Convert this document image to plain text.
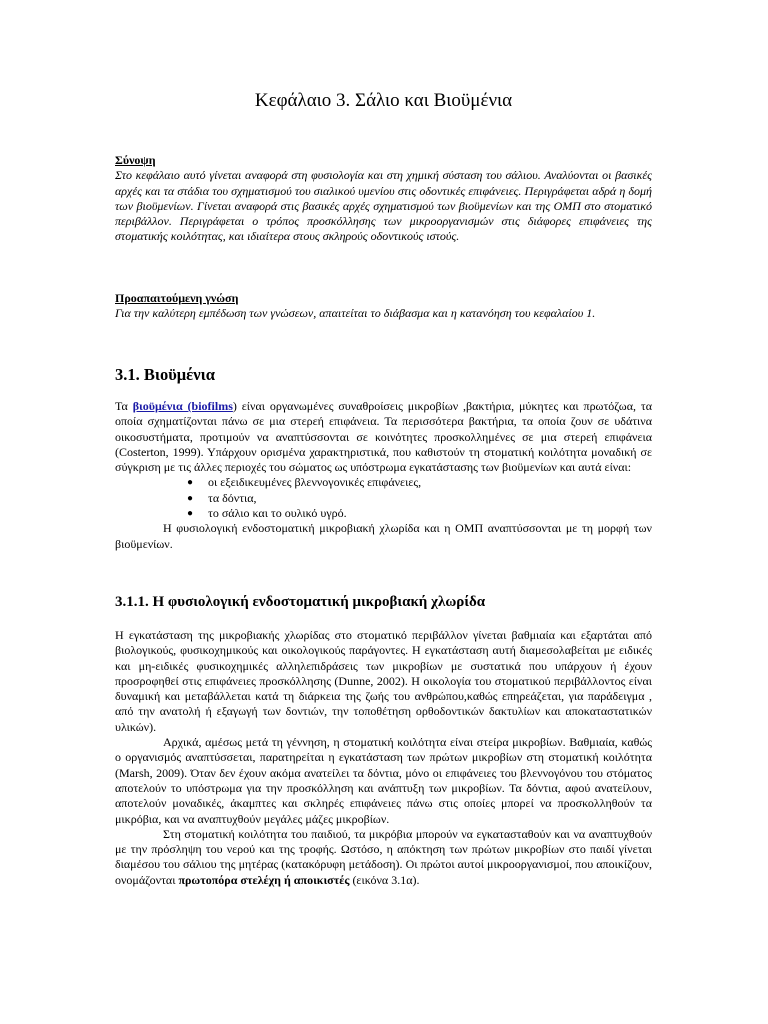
Κεφάλαιο 3. Σάλιο και Βιοϋμένια

Σύνοψη

Στο κεφάλαιο αυτό γίνεται αναφορά στη φυσιολογία και στη χημική σύσταση του σάλιου. Αναλύονται οι βασικές αρχές και τα στάδια του σχηματισμού του σιαλικού υμενίου στις οδοντικές επιφάνειες. Περιγράφεται αδρά η δομή των βιοϋμενίων. Γίνεται αναφορά στις βασικές αρχές σχηματισμού των βιοϋμενίων και της ΟΜΠ στο στοματικό περιβάλλον. Περιγράφεται ο τρόπος προσκόλλησης των μικροοργανισμών στις διάφορες επιφάνειες της στοματικής κοιλότητας, και ιδιαίτερα στους σκληρούς οδοντικούς ιστούς.

Προαπαιτούμενη γνώση

Για την καλύτερη εμπέδωση των γνώσεων, απαιτείται το διάβασμα και η κατανόηση του κεφαλαίου 1.

3.1. Βιοϋμένια

Τα βιοϋμένια (biofilms) είναι οργανωμένες συναθροίσεις μικροβίων ,βακτήρια, μύκητες και πρωτόζωα, τα οποία σχηματίζονται πάνω σε μια στερεή επιφάνεια. Τα περισσότερα βακτήρια, τα οποία ζουν σε υδάτινα οικοσυστήματα, προτιμούν να αναπτύσσονται σε κοινότητες προσκολλημένες σε μια στερεή επιφάνεια (Costerton, 1999). Υπάρχουν ορισμένα χαρακτηριστικά, που καθιστούν τη στοματική κοιλότητα μοναδική σε σύγκριση με τις άλλες περιοχές του σώματος ως υπόστρωμα εγκατάστασης των βιοϋμενίων και αυτά είναι:

● οι εξειδικευμένες βλεννογονικές επιφάνειες,
● τα δόντια,
● το σάλιο και το ουλικό υγρό.

Η φυσιολογική ενδοστοματική μικροβιακή χλωρίδα και η ΟΜΠ αναπτύσσονται με τη μορφή των βιοϋμενίων.

3.1.1. Η φυσιολογική ενδοστοματική μικροβιακή χλωρίδα

Η εγκατάσταση της μικροβιακής χλωρίδας στο στοματικό περιβάλλον γίνεται βαθμιαία και εξαρτάται από βιολογικούς, φυσικοχημικούς και οικολογικούς παράγοντες. Η εγκατάσταση αυτή διαμεσολαβείται με ειδικές και μη-ειδικές φυσικοχημικές αλληλεπιδράσεις των μικροβίων με συστατικά που υπάρχουν ή έχουν προσροφηθεί στις επιφάνειες προσκόλλησης (Dunne, 2002). Η οικολογία του στοματικού περιβάλλοντος είναι δυναμική και μεταβάλλεται κατά τη διάρκεια της ζωής του ανθρώπου,καθώς επηρεάζεται, για παράδειγμα , από την ανατολή ή εξαγωγή των δοντιών, την τοποθέτηση ορθοδοντικών δακτυλίων και αποκαταστατικών υλικών).

Αρχικά, αμέσως μετά τη γέννηση, η στοματική κοιλότητα είναι στείρα μικροβίων. Βαθμιαία, καθώς ο οργανισμός αναπτύσσεται, παρατηρείται η εγκατάσταση των πρώτων μικροβίων στη στοματική κοιλότητα (Marsh, 2009). Όταν δεν έχουν ακόμα ανατείλει τα δόντια, μόνο οι επιφάνειες του βλεννογόνου του στόματος αποτελούν το υπόστρωμα για την προσκόλληση και ανάπτυξη των μικροβίων. Τα δόντια, αφού ανατείλουν, αποτελούν μοναδικές, άκαμπτες και σκληρές επιφάνειες πάνω στις οποίες μπορεί να προσκολληθούν τα μικρόβια, και να αναπτυχθούν μεγάλες μάζες μικροβίων.

Στη στοματική κοιλότητα του παιδιού, τα μικρόβια μπορούν να εγκατασταθούν και να αναπτυχθούν με την πρόσληψη του νερού και της τροφής. Ωστόσο, η απόκτηση των πρώτων μικροβίων στο παιδί γίνεται διαμέσου του σάλιου της μητέρας (κατακόρυφη μετάδοση). Οι πρώτοι αυτοί μικροοργανισμοί, που αποικίζουν, ονομάζονται πρωτοπόρα στελέχη ή αποικιστές (εικόνα 3.1α).
